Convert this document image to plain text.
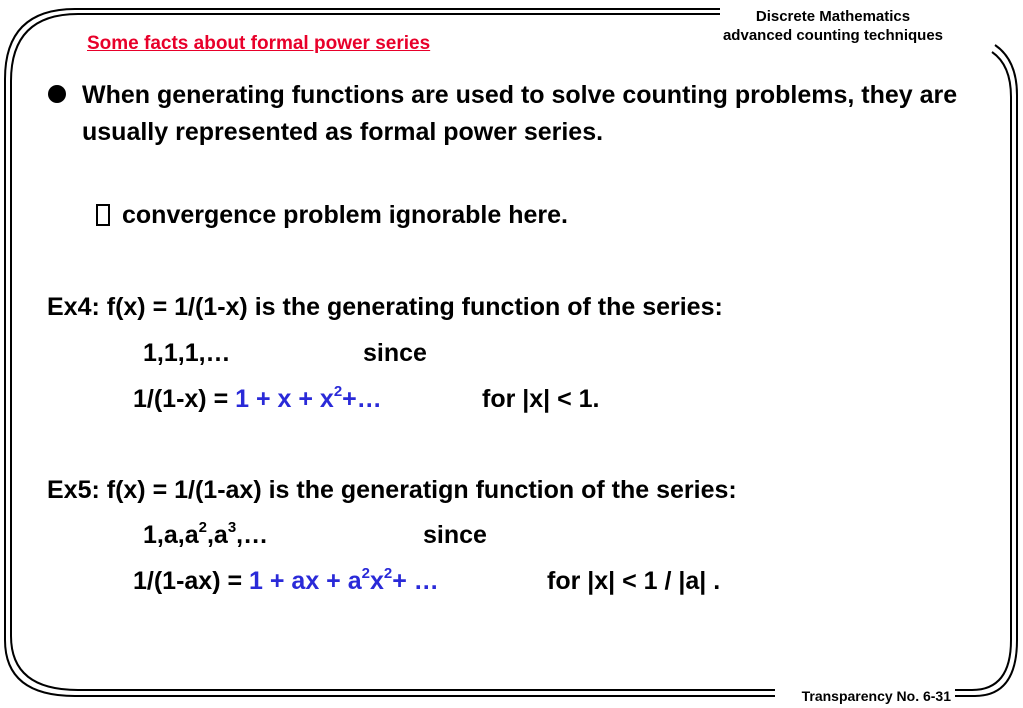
Discrete Mathematics
advanced counting techniques
Some facts about formal power series
When generating functions are used to solve counting problems, they are usually represented as formal power series.
convergence problem ignorable here.
Ex4: f(x) = 1/(1-x) is the generating function of the series:
1,1,1,…	since
$1/(1-x) = 1 + x + x^2+\dots$	for |x| < 1.
Ex5: f(x) = 1/(1-ax) is the generatign function of the series:
$1,a,a^2,a^3,\dots$	since
1/(1-ax) = 1 + ax + $a^2x^2+$ …	for |x| < 1 / |a| .
Transparency No. 6-31
